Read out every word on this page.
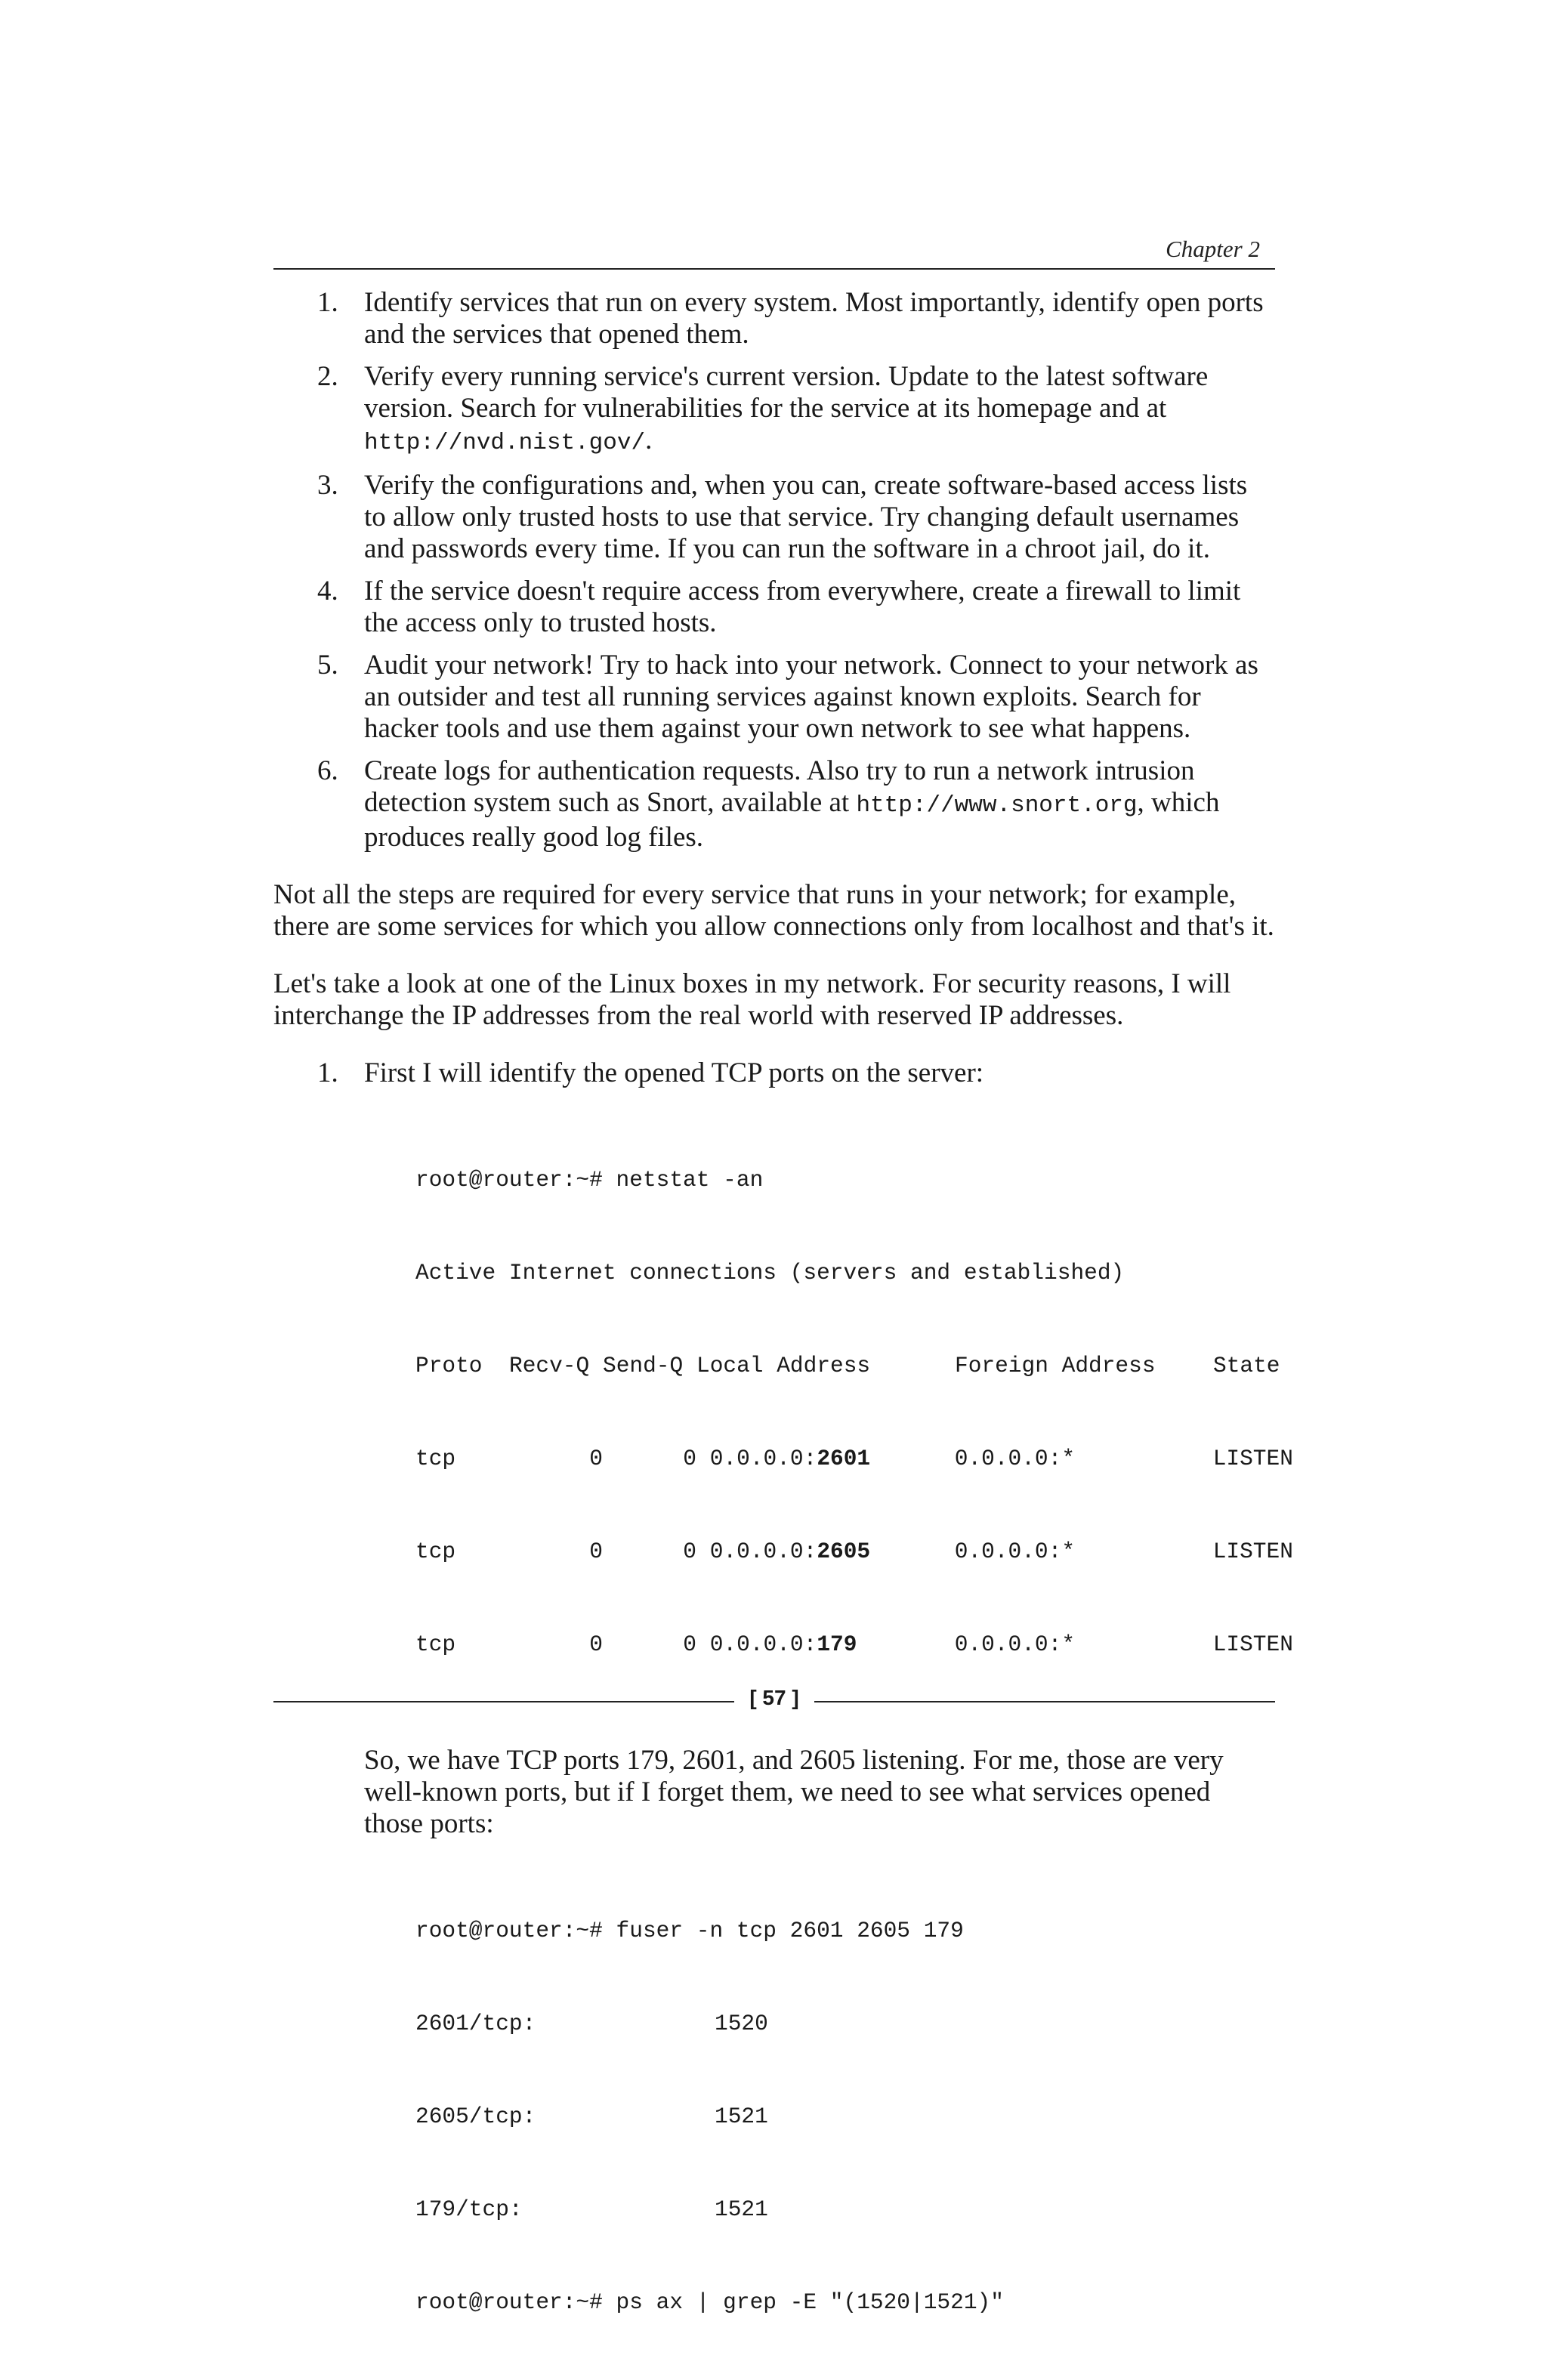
Chapter 2
1. Identify services that run on every system. Most importantly, identify open ports and the services that opened them.
2. Verify every running service's current version. Update to the latest software version. Search for vulnerabilities for the service at its homepage and at http://nvd.nist.gov/.
3. Verify the configurations and, when you can, create software-based access lists to allow only trusted hosts to use that service. Try changing default usernames and passwords every time. If you can run the software in a chroot jail, do it.
4. If the service doesn't require access from everywhere, create a firewall to limit the access only to trusted hosts.
5. Audit your network! Try to hack into your network. Connect to your network as an outsider and test all running services against known exploits. Search for hacker tools and use them against your own network to see what happens.
6. Create logs for authentication requests. Also try to run a network intrusion detection system such as Snort, available at http://www.snort.org, which produces really good log files.

Not all the steps are required for every service that runs in your network; for example, there are some services for which you allow connections only from localhost and that's it.

Let's take a look at one of the Linux boxes in my network. For security reasons, I will interchange the IP addresses from the real world with reserved IP addresses.

1. First I will identify the opened TCP ports on the server:

root@router:~# netstat -an

Active Internet connections (servers and established)

Proto Recv-Q Send-Q Local Address	Foreign Address	State

tcp	0	0 0.0.0.0:2601	0.0.0.0:*	LISTEN

tcp	0	0 0.0.0.0:2605	0.0.0.0:*	LISTEN

tcp	0	0 0.0.0.0:179	0.0.0.0:*	LISTEN

So, we have TCP ports 179, 2601, and 2605 listening. For me, those are very well-known ports, but if I forget them, we need to see what services opened those ports:

root@router:~# fuser -n tcp 2601 2605 179

2601/tcp:	1520

2605/tcp:	1521

179/tcp:	1521

root@router:~# ps ax | grep -E "(1520|1521)"

[ 57 ]
